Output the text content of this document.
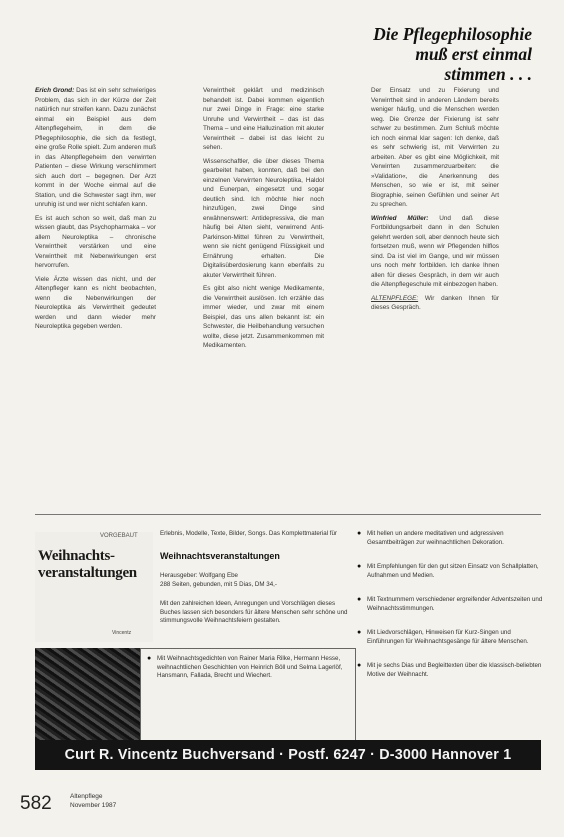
Die Pflegephilosophie
muß erst einmal
stimmen . . .

Erich Grond: Das ist ein sehr schwieriges Problem, das sich in der Kürze der Zeit natürlich nur streifen kann. Dazu zunächst einmal ein Beispiel aus dem Altenpflegeheim, in dem die Pflegephilosophie, die sich da festlegt, eine große Rolle spielt. Zum anderen muß in das Altenpflegeheim den verwirrten Patienten – diese Wirkung verschlimmert sich auch dort – begegnen. Der Arzt kommt in der Woche einmal auf die Station, und die Schwester sagt ihm, wer unruhig ist und wer nicht schlafen kann.

Es ist auch schon so weit, daß man zu wissen glaubt, das Psychopharmaka – vor allem Neuroleptika – chronische Verwirrtheit verstärken und eine Verwirrtheit mit Nebenwirkungen erst hervorrufen.

Viele Ärzte wissen das nicht, und der Altenpfleger kann es nicht beobachten, wenn die Nebenwirkungen der Neuroleptika als Verwirrtheit gedeutet werden und dann wieder mehr Neuroleptika gegeben werden.

Verwirrtheit geklärt und medizinisch behandelt ist. Dabei kommen eigentlich nur zwei Dinge in Frage: eine starke Unruhe und Verwirrtheit – das ist das Thema – und eine Halluzination mit akuter Verwirrtheit – dabei ist das leicht zu sehen.

Wissenschaftler, die über dieses Thema gearbeitet haben, konnten, daß bei den einzelnen Verwirrten Neuroleptika, Haldol und Eunerpan, eingesetzt und sogar deutlich sind. Ich möchte hier noch hinzufügen, zwei Dinge sind erwähnenswert: Antidepressiva, die man häufig bei Alten sieht, verwirrend Anti-Parkinson-Mittel führen zu Verwirrtheit, wenn sie nicht genügend Flüssigkeit und Ernährung erhalten. Die Digitalisüberdosierung kann ebenfalls zu akuter Verwirrtheit führen.

Es gibt also nicht wenige Medikamente, die Verwirrtheit auslösen. Ich erzähle das immer wieder, und zwar mit einem Beispiel, das uns allen bekannt ist: ein Schwester, die Heilbehandlung versuchen wollte, diese jetzt. Zusammenkommen mit Medikamenten.

Der Einsatz und zu Fixierung und Verwirrtheit sind in anderen Ländern bereits weniger häufig, und die Menschen werden weg. Die Grenze der Fixierung ist sehr schwer zu bestimmen. Zum Schluß möchte ich noch einmal klar sagen: Ich denke, daß es sehr schwierig ist, mit Verwirrten zu arbeiten. Aber es gibt eine Möglichkeit, mit Verwirrten zusammenzuarbeiten: die »Validation«, die Anerkennung des Menschen, so wie er ist, mit seiner Biographie, seinen Gefühlen und seiner Art zu sprechen.

Winfried Müller: Und daß diese Fortbildungsarbeit dann in den Schulen gelehrt werden soll, aber dennoch heute sich fortsetzen muß, wenn wir Pflegenden hilflos sind. Da ist viel im Gange, und wir müssen uns noch mehr fortbilden. Ich danke Ihnen allen für dieses Gespräch, in dem wir auch die Altenpflegeschule mit einbezogen haben.

ALTENPFLEGE: Wir danken Ihnen für dieses Gespräch.

VORGEBAUT
Weihnachts-veranstaltungen
Vincentz
Erlebnis, Modelle, Texte, Bilder, Songs. Das Komplettmaterial für
Weihnachtsveranstaltungen
Herausgeber: Wolfgang Ebe
288 Seiten, gebunden, mit 5 Dias, DM 34,-
Mit den zahlreichen Ideen, Anregungen und Vorschlägen dieses Buches lassen sich besonders für ältere Menschen sehr schöne und stimmungsvolle Weihnachtsfeiern gestalten.
● Mit Weihnachtsgedichten von Rainer Maria Rilke, Hermann Hesse, weihnachtlichen Geschichten von Heinrich Böll und Selma Lagerlöf, Hansmann, Fallada, Brecht und Wiechert.
● Mit hellen un andere meditativen und adgressiven Gesamtbeiträgen zur weihnachtlichen Dekoration.
● Mit Empfehlungen für den gut sitzen Einsatz von Schallplatten, Aufnahmen und Medien.
● Mit Textnummern verschiedener ergreifender Adventszeiten und Weihnachtsstimmungen.
● Mit Liedvorschlägen, Hinweisen für Kurz-Singen und Einführungen für Weihnachtsgesänge für ältere Menschen.
● Mit je sechs Dias und Begleittexten über die klassisch-beliebten Motive der Weihnacht.
Curt R. Vincentz Buchversand · Postf. 6247 · D-3000 Hannover 1
582	Altenpflege
November 1987
